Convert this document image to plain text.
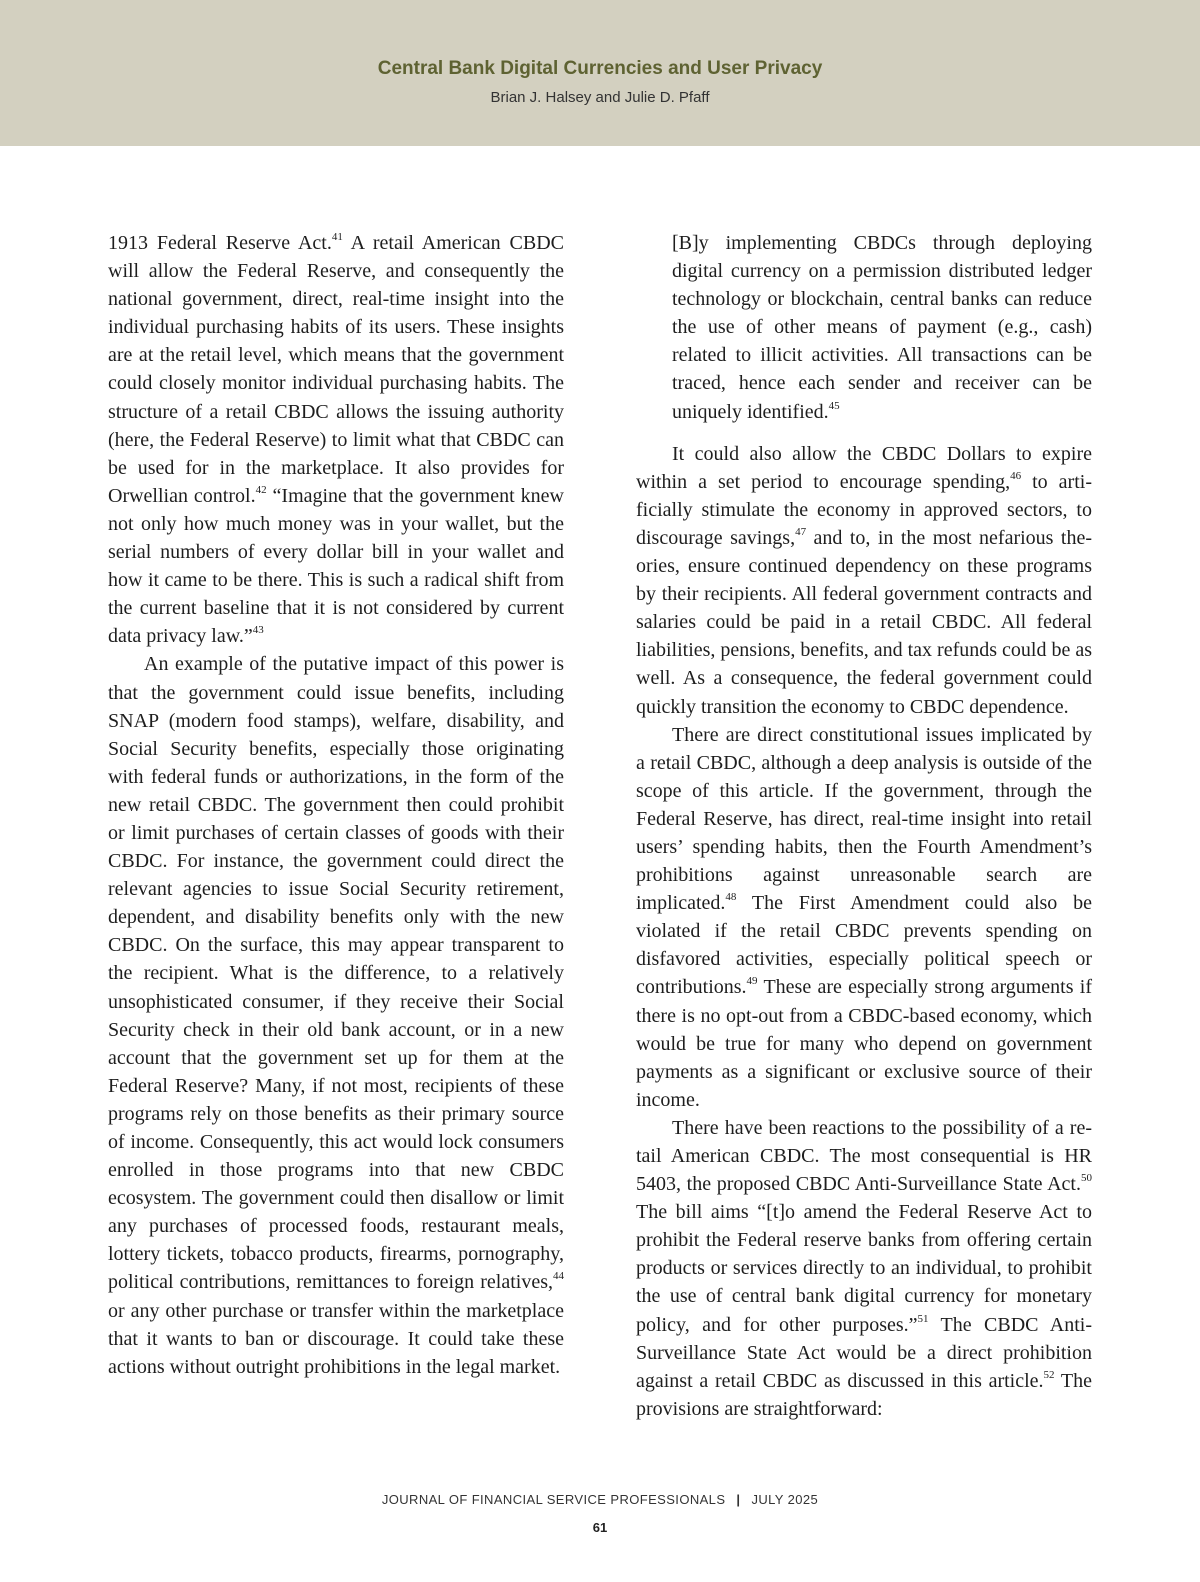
Central Bank Digital Currencies and User Privacy
Brian J. Halsey and Julie D. Pfaff

1913 Federal Reserve Act.$^{41}$ A retail American CBDC will allow the Federal Reserve, and consequently the national government, direct, real-time insight into the individual purchasing habits of its users. These insights are at the retail level, which means that the government could closely monitor individual purchasing habits. The structure of a retail CBDC allows the issuing authority (here, the Federal Reserve) to limit what that CBDC can be used for in the marketplace. It also provides for Orwellian control.$^{42}$ “Imagine that the government knew not only how much money was in your wallet, but the serial numbers of every dollar bill in your wallet and how it came to be there. This is such a radical shift from the current baseline that it is not considered by current data privacy law.”$^{43}$

An example of the putative impact of this power is that the government could issue benefits, including SNAP (modern food stamps), welfare, disability, and Social Security benefits, especially those originating with federal funds or authorizations, in the form of the new retail CBDC. The government then could prohibit or limit purchases of certain classes of goods with their CBDC. For instance, the government could direct the relevant agencies to issue Social Security retirement, dependent, and disability benefits only with the new CBDC. On the surface, this may appear transparent to the recipient. What is the difference, to a relatively unsophisticated consumer, if they receive their Social Security check in their old bank account, or in a new account that the government set up for them at the Federal Reserve? Many, if not most, recipients of these programs rely on those benefits as their primary source of income. Consequently, this act would lock consumers enrolled in those programs into that new CBDC ecosystem. The government could then disallow or limit any purchases of processed foods, restaurant meals, lottery tickets, tobacco products, firearms, pornography, political contributions, remittances to foreign relatives,$^{44}$ or any other purchase or transfer within the marketplace that it wants to ban or discourage. It could take these actions without outright prohibitions in the legal market.

[B]y implementing CBDCs through deploying digital currency on a permission distributed ledger technology or blockchain, central banks can reduce the use of other means of payment (e.g., cash) related to illicit activities. All transactions can be traced, hence each sender and receiver can be uniquely identified.$^{45}$

It could also allow the CBDC Dollars to expire within a set period to encourage spending,$^{46}$ to artificially stimulate the economy in approved sectors, to discourage savings,$^{47}$ and to, in the most nefarious theories, ensure continued dependency on these programs by their recipients. All federal government contracts and salaries could be paid in a retail CBDC. All federal liabilities, pensions, benefits, and tax refunds could be as well. As a consequence, the federal government could quickly transition the economy to CBDC dependence.

There are direct constitutional issues implicated by a retail CBDC, although a deep analysis is outside of the scope of this article. If the government, through the Federal Reserve, has direct, real-time insight into retail users’ spending habits, then the Fourth Amendment’s prohibitions against unreasonable search are implicated.$^{48}$ The First Amendment could also be violated if the retail CBDC prevents spending on disfavored activities, especially political speech or contributions.$^{49}$ These are especially strong arguments if there is no opt-out from a CBDC-based economy, which would be true for many who depend on government payments as a significant or exclusive source of their income.

There have been reactions to the possibility of a retail American CBDC. The most consequential is HR 5403, the proposed CBDC Anti-Surveillance State Act.$^{50}$ The bill aims “[t]o amend the Federal Reserve Act to prohibit the Federal reserve banks from offering certain products or services directly to an individual, to prohibit the use of central bank digital currency for monetary policy, and for other purposes.”$^{51}$ The CBDC Anti-Surveillance State Act would be a direct prohibition against a retail CBDC as discussed in this article.$^{52}$ The provisions are straightforward:

JOURNAL OF FINANCIAL SERVICE PROFESSIONALS | JULY 2025
61
